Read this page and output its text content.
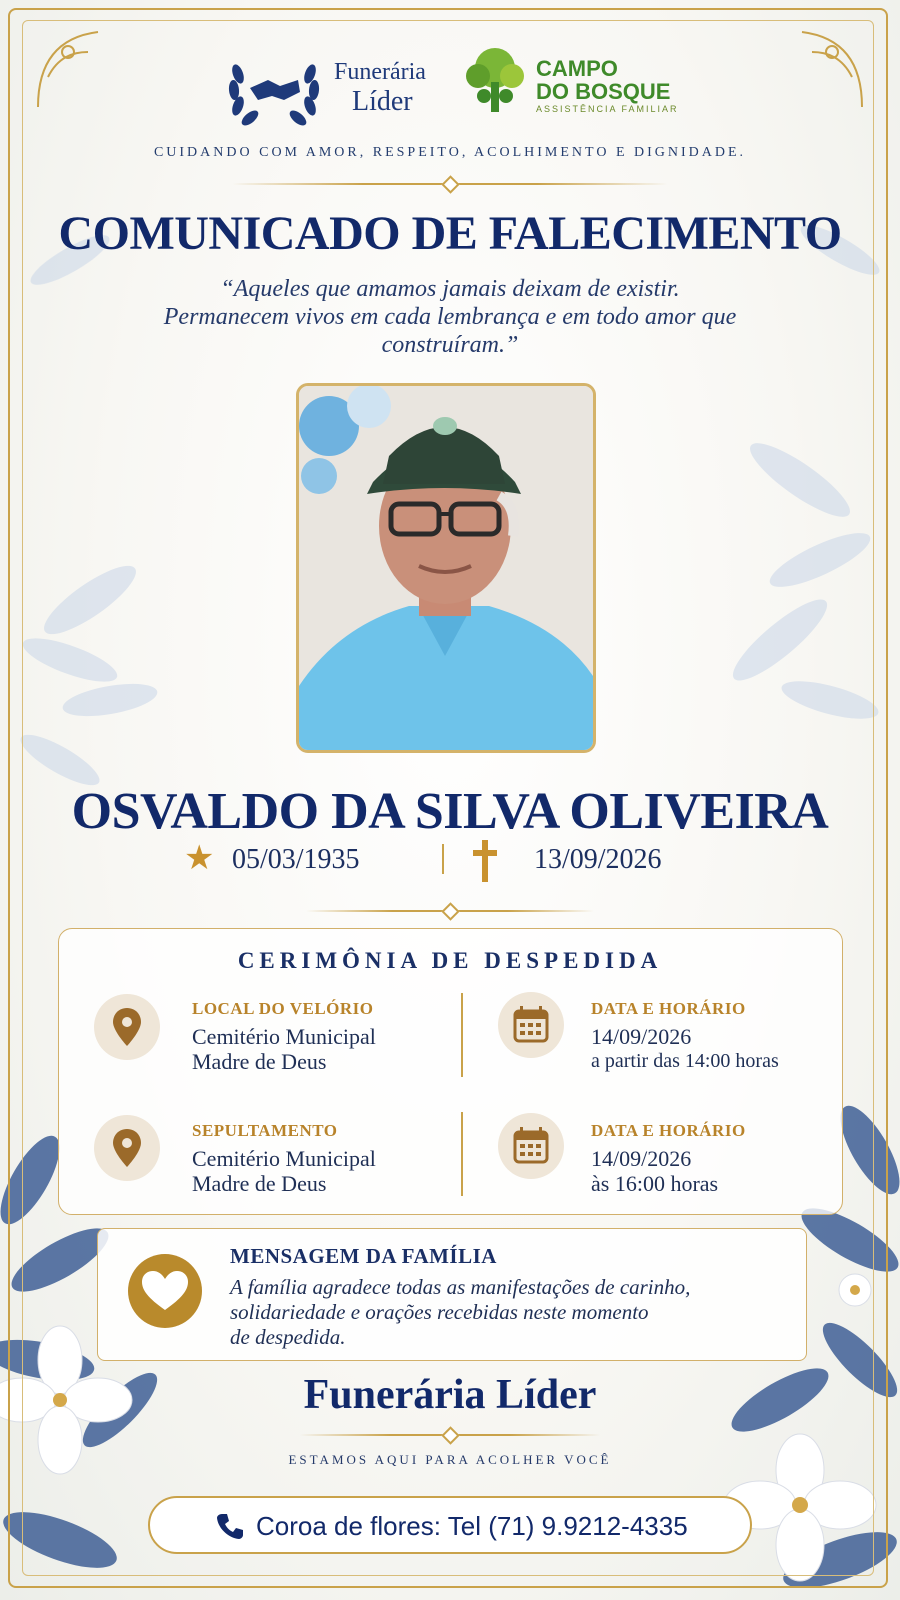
Funerária
Líder
CAMPO
DO BOSQUE
ASSISTÊNCIA FAMILIAR
CUIDANDO COM AMOR, RESPEITO, ACOLHIMENTO E DIGNIDADE.
COMUNICADO DE FALECIMENTO
“Aqueles que amamos jamais deixam de existir.
Permanecem vivos em cada lembrança e em todo amor que
construíram.”
OSVALDO DA SILVA OLIVEIRA
★ 05/03/1935	13/09/2026
CERIMÔNIA DE DESPEDIDA
LOCAL DO VELÓRIO
Cemitério Municipal
Madre de Deus
DATA E HORÁRIO
14/09/2026
a partir das 14:00 horas
SEPULTAMENTO
Cemitério Municipal
Madre de Deus
DATA E HORÁRIO
14/09/2026
às 16:00 horas
MENSAGEM DA FAMÍLIA
A família agradece todas as manifestações de carinho,
solidariedade e orações recebidas neste momento
de despedida.
Funerária Líder
ESTAMOS AQUI PARA ACOLHER VOCÊ
Coroa de flores: Tel (71) 9.9212-4335
